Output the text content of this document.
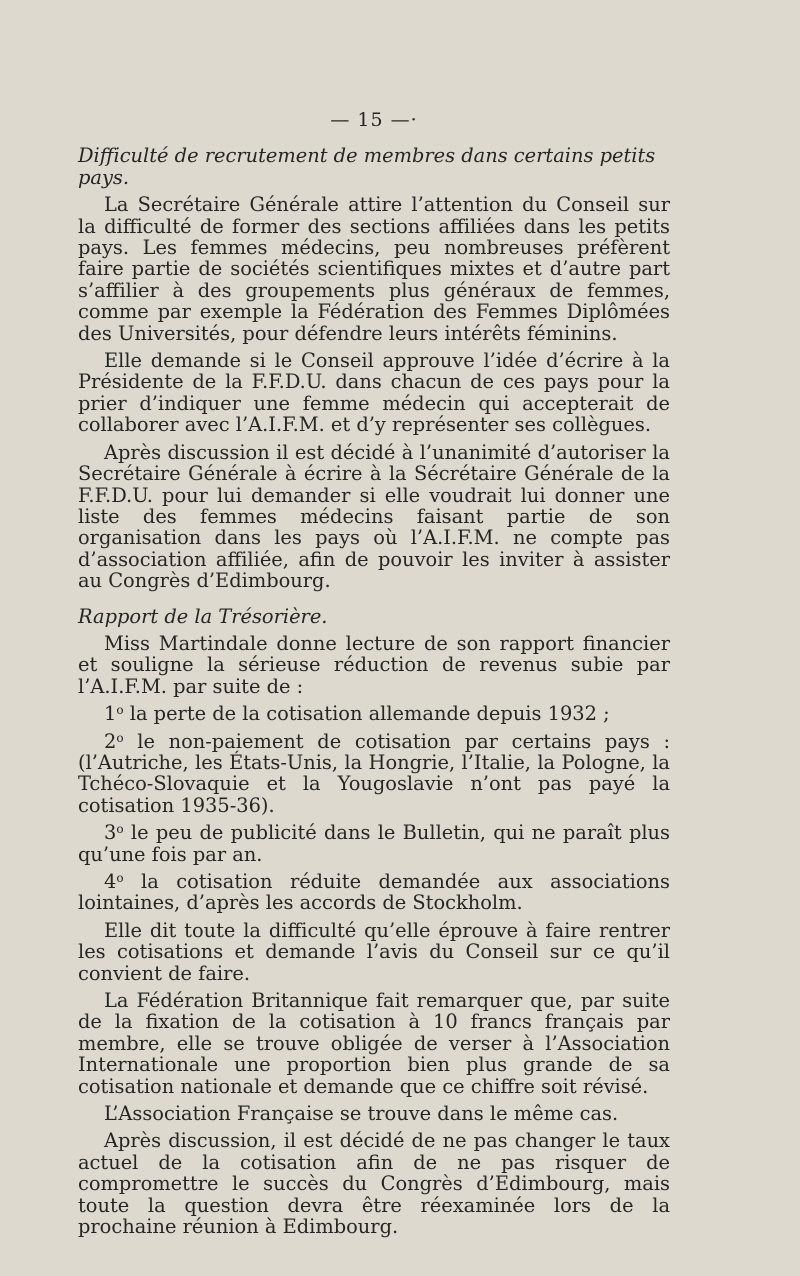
— 15 —·
Difficulté de recrutement de membres dans certains petits pays.

La Secrétaire Générale attire l’attention du Conseil sur la difficulté de former des sections affiliées dans les petits pays. Les femmes médecins, peu nombreuses préfèrent faire partie de sociétés scientifiques mixtes et d’autre part s’affilier à des groupements plus généraux de femmes, comme par exemple la Fédération des Femmes Diplômées des Universités, pour défendre leurs intérêts féminins.

Elle demande si le Conseil approuve l’idée d’écrire à la Présidente de la F.F.D.U. dans chacun de ces pays pour la prier d’indiquer une femme médecin qui accepterait de collaborer avec l’A.I.F.M. et d’y représenter ses collègues.

Après discussion il est décidé à l’unanimité d’autoriser la Secrétaire Générale à écrire à la Sécrétaire Générale de la F.F.D.U. pour lui demander si elle voudrait lui donner une liste des femmes médecins faisant partie de son organisation dans les pays où l’A.I.F.M. ne compte pas d’association affiliée, afin de pouvoir les inviter à assister au Congrès d’Edimbourg.

Rapport de la Trésorière.

Miss Martindale donne lecture de son rapport financier et souligne la sérieuse réduction de revenus subie par l’A.I.F.M. par suite de :

1$^o$ la perte de la cotisation allemande depuis 1932 ;

2$^o$ le non-paiement de cotisation par certains pays : (l’Autriche, les États-Unis, la Hongrie, l’Italie, la Pologne, la Tchéco-Slovaquie et la Yougoslavie n’ont pas payé la cotisation 1935-36).

3$^o$ le peu de publicité dans le Bulletin, qui ne paraît plus qu’une fois par an.

4$^o$ la cotisation réduite demandée aux associations lointaines, d’après les accords de Stockholm.

Elle dit toute la difficulté qu’elle éprouve à faire rentrer les cotisations et demande l’avis du Conseil sur ce qu’il convient de faire.

La Fédération Britannique fait remarquer que, par suite de la fixation de la cotisation à 10 francs français par membre, elle se trouve obligée de verser à l’Association Internationale une proportion bien plus grande de sa cotisation nationale et demande que ce chiffre soit révisé.

L’Association Française se trouve dans le même cas.

Après discussion, il est décidé de ne pas changer le taux actuel de la cotisation afin de ne pas risquer de compromettre le succès du Congrès d’Edimbourg, mais toute la question devra être réexaminée lors de la prochaine réunion à Edimbourg.
